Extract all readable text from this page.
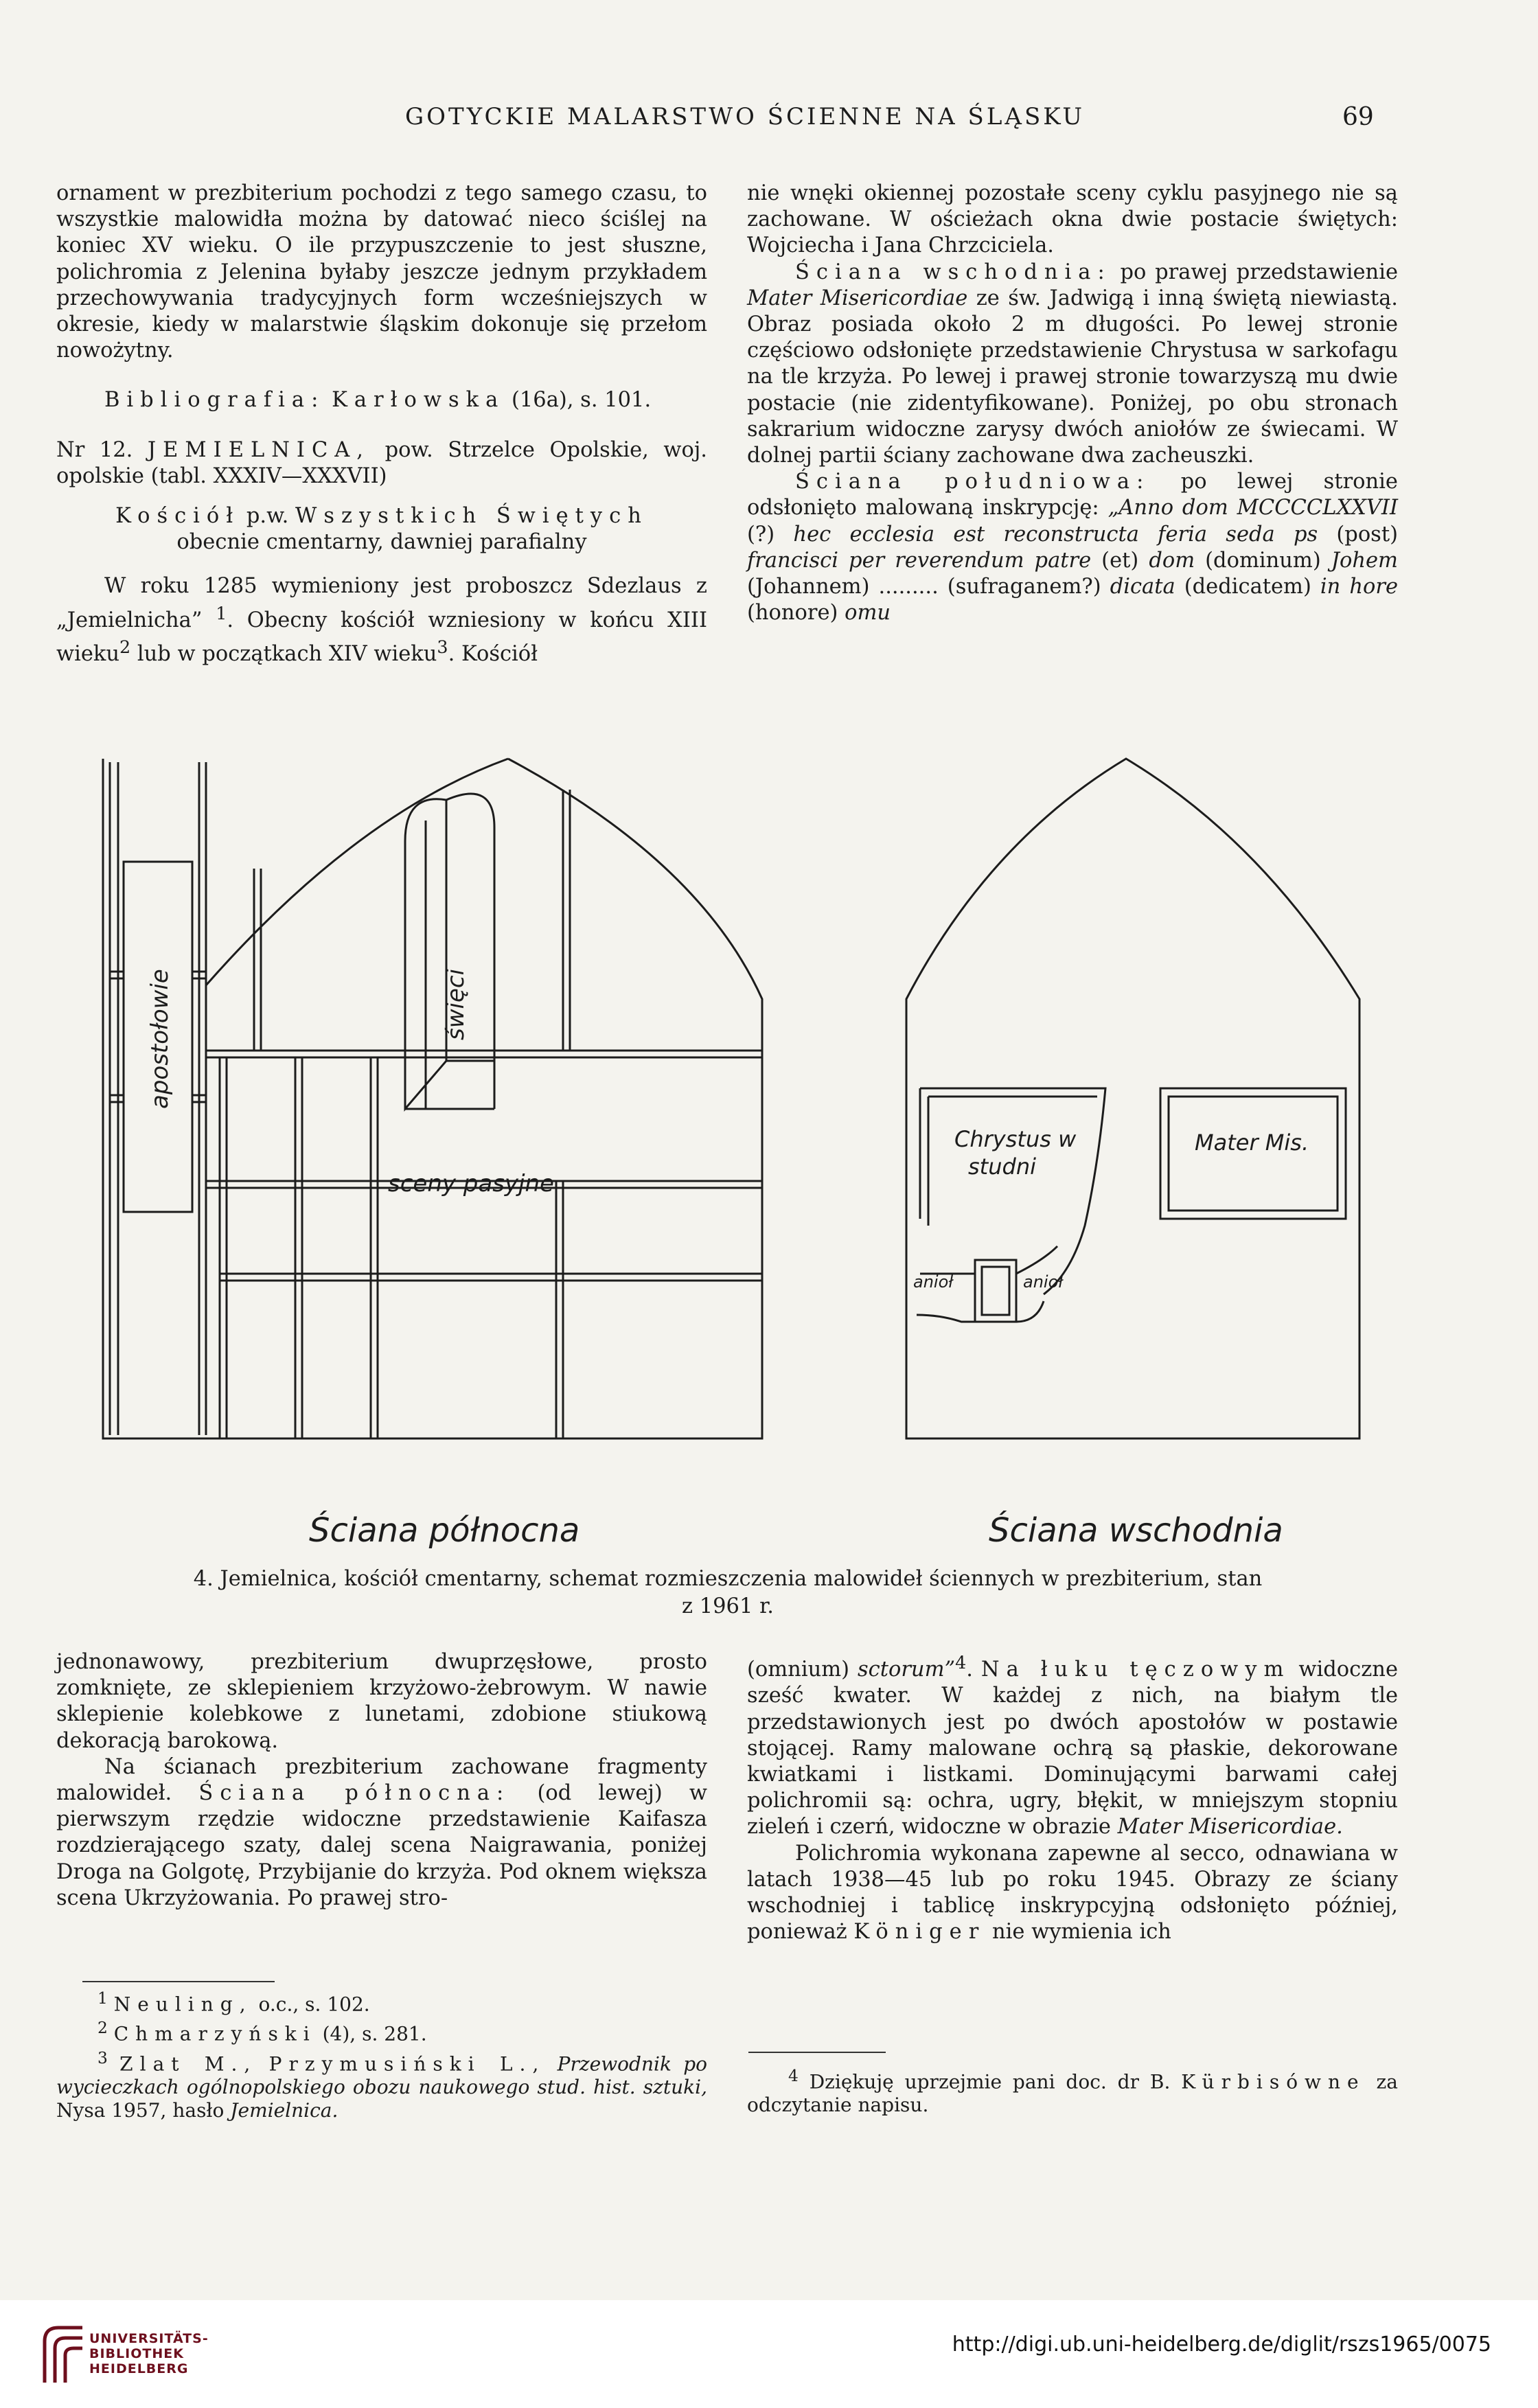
GOTYCKIE MALARSTWO ŚCIENNE NA ŚLĄSKU	69

ornament w prezbiterium pochodzi z tego samego czasu, to wszystkie malowidła można by datować nieco ściślej na koniec XV wieku. O ile przypuszczenie to jest słuszne, polichromia z Jelenina byłaby jeszcze jednym przykładem przechowywania tradycyjnych form wcześniejszych w okresie, kiedy w malarstwie śląskim dokonuje się przełom nowożytny.

Bibliografia: Karłowska (16a), s. 101.

Nr 12. JEMIELNICA, pow. Strzelce Opolskie, woj. opolskie (tabl. XXXIV—XXXVII)

Kościół p.w. Wszystkich Świętych
obecnie cmentarny, dawniej parafialny

W roku 1285 wymieniony jest proboszcz Sdezlaus z „Jemielnicha” $^1$. Obecny kościół wzniesiony w końcu XIII wieku$^2$ lub w początkach XIV wieku$^3$. Kościół

nie wnęki okiennej pozostałe sceny cyklu pasyjnego nie są zachowane. W ościeżach okna dwie postacie świętych: Wojciecha i Jana Chrzciciela.

Ściana wschodnia: po prawej przedstawienie Mater Misericordiae ze św. Jadwigą i inną świętą niewiastą. Obraz posiada około 2 m długości. Po lewej stronie częściowo odsłonięte przedstawienie Chrystusa w sarkofagu na tle krzyża. Po lewej i prawej stronie towarzyszą mu dwie postacie (nie zidentyfikowane). Poniżej, po obu stronach sakrarium widoczne zarysy dwóch aniołów ze świecami. W dolnej partii ściany zachowane dwa zacheuszki.

Ściana południowa: po lewej stronie odsłonięto malowaną inskrypcję: „Anno dom MCCCCLXXVII (?) hec ecclesia est reconstructa feria seda ps (post) francisci per reverendum patre (et) dom (dominum) Johem (Johannem) ......... (sufraganem?) dicata (dedicatem) in hore (honore) omu

apostołowie	święci
sceny pasyjne
Chrystus w
studni
anioł	anioł
Mater Mis.
Ściana północna	Ściana wschodnia
4. Jemielnica, kościół cmentarny, schemat rozmieszczenia malowideł ściennych w prezbiterium, stan
z 1961 r.

jednonawowy, prezbiterium dwuprzęsłowe, prosto zomknięte, ze sklepieniem krzyżowo-żebrowym. W nawie sklepienie kolebkowe z lunetami, zdobione stiukową dekoracją barokową.

Na ścianach prezbiterium zachowane fragmenty malowideł. Ściana północna: (od lewej) w pierwszym rzędzie widoczne przedstawienie Kaifasza rozdzierającego szaty, dalej scena Naigrawania, poniżej Droga na Golgotę, Przybijanie do krzyża. Pod oknem większa scena Ukrzyżowania. Po prawej stro-

$^1$ Neuling, o.c., s. 102.
$^2$ Chmarzyński (4), s. 281.
$^3$ Zlat M., Przymusiński L., Przewodnik po wycieczkach ogólnopolskiego obozu naukowego stud. hist. sztuki, Nysa 1957, hasło Jemielnica.

(omnium) sctorum”$^4$. Na łuku tęczowym widoczne sześć kwater. W każdej z nich, na białym tle przedstawionych jest po dwóch apostołów w postawie stojącej. Ramy malowane ochrą są płaskie, dekorowane kwiatkami i listkami. Dominującymi barwami całej polichromii są: ochra, ugry, błękit, w mniejszym stopniu zieleń i czerń, widoczne w obrazie Mater Misericordiae.

Polichromia wykonana zapewne al secco, odnawiana w latach 1938—45 lub po roku 1945. Obrazy ze ściany wschodniej i tablicę inskrypcyjną odsłonięto później, ponieważ Königer nie wymienia ich

$^4$ Dziękuję uprzejmie pani doc. dr B. Kürbisówne za odczytanie napisu.
UNIVERSITÄTS-
BIBLIOTHEK
HEIDELBERG
http://digi.ub.uni-heidelberg.de/diglit/rszs1965/0075
